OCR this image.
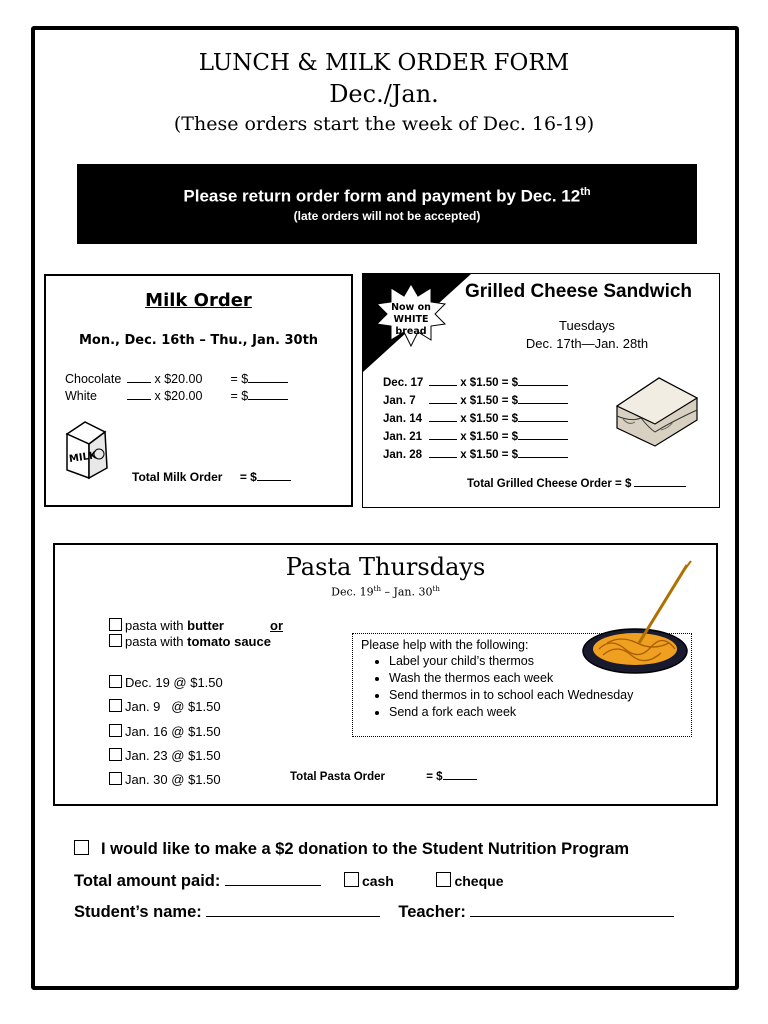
LUNCH & MILK ORDER FORM
Dec./Jan.
(These orders start the week of Dec. 16-19)
Please return order form and payment by Dec. 12th
(late orders will not be accepted)
Milk Order
Mon., Dec. 16th – Thu., Jan. 30th
Chocolate	x $20.00 = $
White	x $20.00 = $
MILK
Total Milk Order = $
Now on
WHITE
bread
Grilled Cheese Sandwich
Tuesdays
Dec. 17th—Jan. 28th
Dec. 17	x $1.50 = $
Jan. 7	x $1.50 = $
Jan. 14	x $1.50 = $
Jan. 21	x $1.50 = $
Jan. 28	x $1.50 = $
Total Grilled Cheese Order = $
Pasta Thursdays
Dec. 19th – Jan. 30th
pasta with butter	or
pasta with tomato sauce
Dec. 19 @ $1.50
Jan. 9   @ $1.50
Jan. 16 @ $1.50
Jan. 23 @ $1.50
Jan. 30 @ $1.50	Total Pasta Order	= $
Please help with the following:
• Label your child’s thermos
• Wash the thermos each week
• Send thermos in to school each Wednesday
• Send a fork each week
I would like to make a $2 donation to the Student Nutrition Program
Total amount paid:	cash	cheque
Student’s name:	Teacher:
